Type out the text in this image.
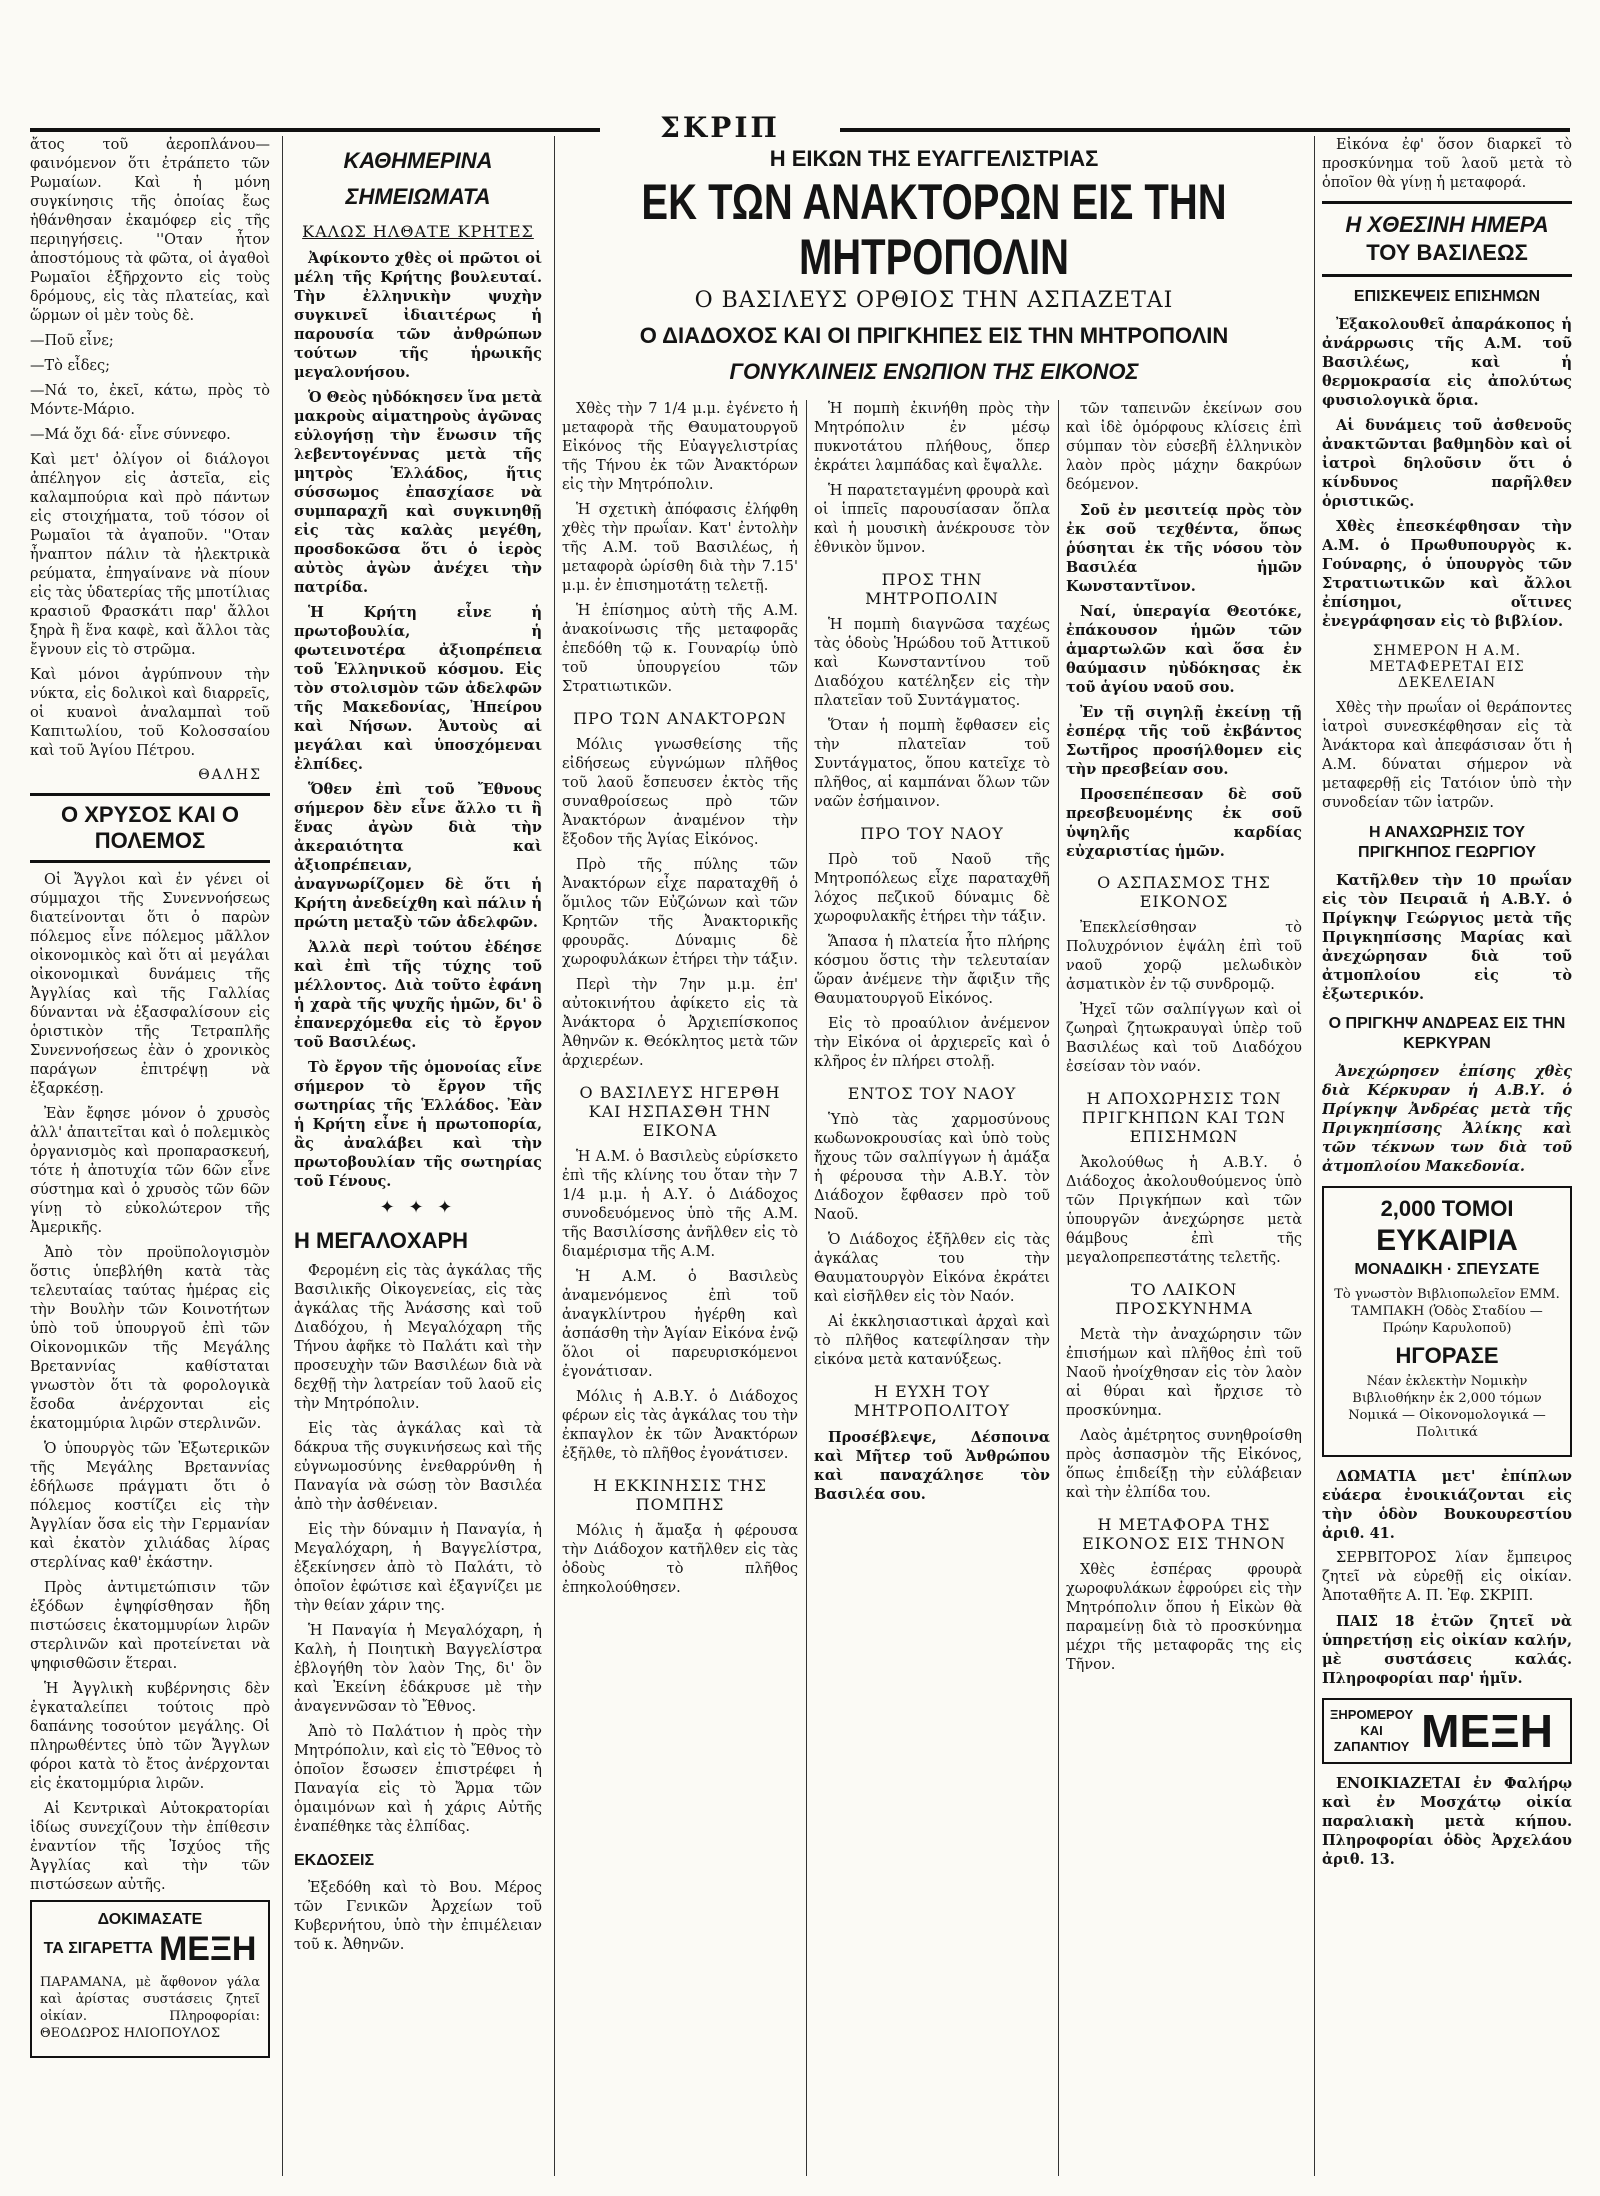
ΣΚΡΙΠ

ἄτος τοῦ ἀεροπλάνου—φαινόμενον ὅτι ἐτράπετο τῶν Ρωμαίων. Καὶ ἡ μόνη συγκίνησις τῆς ὁποίας ἔως ἠθάνθησαν ἐκαμόφερ εἰς τῆς περιηγήσεις. ''Οταν ἦτον ἀποστόμους τὰ φῶτα, οἱ ἀγαθοὶ Ρωμαῖοι ἐξῆρχοντο εἰς τοὺς δρόμους, εἰς τὰς πλατείας, καὶ ὥρμων οἱ μὲν τοὺς δὲ.

—Ποῦ εἶνε;

—Τὸ εἶδες;

—Νά το, ἐκεῖ, κάτω, πρὸς τὸ Μόντε-Μάριο.

—Μά ὄχι δά· εἶνε σύννεφο.

Καὶ μετ' ὀλίγον οἱ διάλογοι ἀπέληγον εἰς ἀστεῖα, εἰς καλαμπούρια καὶ πρὸ πάντων εἰς στοιχήματα, τοῦ τόσον οἱ Ρωμαῖοι τὰ ἀγαποῦν. ''Οταν ἦναπτον πάλιν τὰ ἠλεκτρικὰ ρεύματα, ἐπηγαίνανε νὰ πίουν εἰς τὰς ὑδατερίας τῆς μποτίλιας κρασιοῦ Φρασκάτι παρ' ἄλλοι ξηρὰ ἢ ἕνα καφὲ, καὶ ἄλλοι τὰς ἔγνουν εἰς τὸ στρῶμα.

Καὶ μόνοι ἀγρύπνουν τὴν νύκτα, εἰς δολικοὶ καὶ διαρρεῖς, οἱ κυανοὶ ἀναλαμπαὶ τοῦ Καπιτωλίου, τοῦ Κολοσσαίου καὶ τοῦ Ἁγίου Πέτρου.

ΘΑΛΗΣ
Ο ΧΡΥΣΟΣ ΚΑΙ Ο ΠΟΛΕΜΟΣ

Οἱ Ἄγγλοι καὶ ἐν γένει οἱ σύμμαχοι τῆς Συνεννοήσεως διατείνονται ὅτι ὁ παρὼν πόλεμος εἶνε πόλεμος μᾶλλον οἰκονομικὸς καὶ ὅτι αἱ μεγάλαι οἰκονομικαὶ δυνάμεις τῆς Ἀγγλίας καὶ τῆς Γαλλίας δύνανται νὰ ἐξασφαλίσουν εἰς ὁριστικὸν τῆς Τετραπλῆς Συνεννοήσεως ἐὰν ὁ χρονικὸς παράγων ἐπιτρέψῃ νὰ ἐξαρκέσῃ.

Ἐὰν ἔφησε μόνον ὁ χρυσὸς ἀλλ' ἀπαιτεῖται καὶ ὁ πολεμικὸς ὀργανισμὸς καὶ προπαρασκευή, τότε ἡ ἀποτυχία τῶν 6ῶν εἶνε σύστημα καὶ ὁ χρυσὸς τῶν 6ῶν γίνῃ τὸ εὐκολώτερον τῆς Ἀμερικῆς.

Ἀπὸ τὸν προϋπολογισμὸν ὅστις ὑπεβλήθη κατὰ τὰς τελευταίας ταύτας ἡμέρας εἰς τὴν Βουλὴν τῶν Κοινοτήτων ὑπὸ τοῦ ὑπουργοῦ ἐπὶ τῶν Οἰκονομικῶν τῆς Μεγάλης Βρεταννίας καθίσταται γνωστὸν ὅτι τὰ φορολογικὰ ἔσοδα ἀνέρχονται εἰς ἑκατομμύρια λιρῶν στερλινῶν.

Ὁ ὑπουργὸς τῶν Ἐξωτερικῶν τῆς Μεγάλης Βρεταννίας ἐδήλωσε πράγματι ὅτι ὁ πόλεμος κοστίζει εἰς τὴν Ἀγγλίαν ὅσα εἰς τὴν Γερμανίαν καὶ ἐκατὸν χιλιάδας λίρας στερλίνας καθ' ἑκάστην.

Πρὸς ἀντιμετώπισιν τῶν ἐξόδων ἐψηφίσθησαν ἤδη πιστώσεις ἑκατομμυρίων λιρῶν στερλινῶν καὶ προτείνεται νὰ ψηφισθῶσιν ἕτεραι.

Ἡ Ἀγγλικὴ κυβέρνησις δὲν ἐγκαταλείπει τούτοις πρὸ δαπάνης τοσούτον μεγάλης. Οἱ πληρωθέντες ὑπὸ τῶν Ἄγγλων φόροι κατὰ τὸ ἔτος ἀνέρχονται εἰς ἑκατομμύρια λιρῶν.

Αἱ Κεντρικαὶ Αὐτοκρατορίαι ἰδίως συνεχίζουν τὴν ἐπίθεσιν ἐναντίον τῆς Ἰσχύος τῆς Ἀγγλίας καὶ τὴν τῶν πιστώσεων αὐτῆς.

ΔΟΚΙΜΑΣΑΤΕ
ΤΑ ΣΙΓΑΡΕΤΤΑ ΜΕΞΗ

ΠΑΡΑΜΑΝΑ, μὲ ἄφθονον γάλα καὶ ἀρίστας συστάσεις ζητεῖ οἰκίαν. Πληροφορίαι: ΘΕΟΔΩΡΟΣ ΗΛΙΟΠΟΥΛΟΣ

ΚΑΘΗΜΕΡΙΝΑ
ΣΗΜΕΙΩΜΑΤΑ
ΚΑΛΩΣ ΗΛΘΑΤΕ ΚΡΗΤΕΣ

Ἀφίκοντο χθὲς οἱ πρῶτοι οἱ μέλη τῆς Κρήτης βουλευταί. Τὴν ἐλληνικὴν ψυχὴν συγκινεῖ ἰδιαιτέρως ἡ παρουσία τῶν ἀνθρώπων τούτων τῆς ἡρωικῆς μεγαλονήσου.

Ὁ Θεὸς ηὐδόκησεν ἵνα μετὰ μακροὺς αἱματηροὺς ἀγῶνας εὐλογήσῃ τὴν ἕνωσιν τῆς λεβεντογέννας μετὰ τῆς μητρὸς Ἑλλάδος, ἥτις σύσσωμος ἐπασχίασε νὰ συμπαραχῆ καὶ συγκινηθῇ εἰς τὰς καλὰς μεγέθη, προσδοκῶσα ὅτι ὁ ἱερὸς αὐτὸς ἀγὼν ἀνέχει τὴν πατρίδα.

Ἡ Κρήτη εἶνε ἡ πρωτοβουλία, ἡ φωτεινοτέρα ἀξιοπρέπεια τοῦ Ἑλληνικοῦ κόσμου. Εἰς τὸν στολισμὸν τῶν ἀδελφῶν τῆς Μακεδονίας, Ἠπείρου καὶ Νήσων. Ἀυτοὺς αἱ μεγάλαι καὶ ὑποσχόμεναι ἐλπίδες.

Ὅθεν ἐπὶ τοῦ Ἔθνους σήμερον δὲν εἶνε ἄλλο τι ἢ ἕνας ἀγὼν διὰ τὴν ἀκεραιότητα καὶ ἀξιοπρέπειαν, ἀναγνωρίζομεν δὲ ὅτι ἡ Κρήτη ἀνεδείχθη καὶ πάλιν ἡ πρώτη μεταξὺ τῶν ἀδελφῶν.

Ἀλλὰ περὶ τούτου ἐδέησε καὶ ἐπὶ τῆς τύχης τοῦ μέλλοντος. Διὰ τοῦτο ἐφάνη ἡ χαρὰ τῆς ψυχῆς ἡμῶν, δι' ὃ ἐπανερχόμεθα εἰς τὸ ἔργον τοῦ Βασιλέως.

Τὸ ἔργον τῆς ὁμονοίας εἶνε σήμερον τὸ ἔργον τῆς σωτηρίας τῆς Ἑλλάδος. Ἐὰν ἡ Κρήτη εἶνε ἡ πρωτοπορία, ἂς ἀναλάβει καὶ τὴν πρωτοβουλίαν τῆς σωτηρίας τοῦ Γένους.

✦ ✦ ✦
Η ΜΕΓΑΛΟΧΑΡΗ

Φερομένη εἰς τὰς ἀγκάλας τῆς Βασιλικῆς Οἰκογενείας, εἰς τὰς ἀγκάλας τῆς Ἀνάσσης καὶ τοῦ Διαδόχου, ἡ Μεγαλόχαρη τῆς Τήνου ἀφῆκε τὸ Παλάτι καὶ τὴν προσευχὴν τῶν Βασιλέων διὰ νὰ δεχθῇ τὴν λατρείαν τοῦ λαοῦ εἰς τὴν Μητρόπολιν.

Εἰς τὰς ἀγκάλας καὶ τὰ δάκρυα τῆς συγκινήσεως καὶ τῆς εὐγνωμοσύνης ἐνεθαρρύνθη ἡ Παναγία νὰ σώσῃ τὸν Βασιλέα ἀπὸ τὴν ἀσθένειαν.

Εἰς τὴν δύναμιν ἡ Παναγία, ἡ Μεγαλόχαρη, ἡ Βαγγελίστρα, ἐξεκίνησεν ἀπὸ τὸ Παλάτι, τὸ ὁποῖον ἐφώτισε καὶ ἐξαγνίζει με τὴν θείαν χάριν της.

Ἡ Παναγία ἡ Μεγαλόχαρη, ἡ Καλὴ, ἡ Ποιητικὴ Βαγγελίστρα ἐβλογήθη τὸν λαὸν Της, δι' ὃν καὶ Ἐκείνη ἐδάκρυσε μὲ τὴν ἀναγεννῶσαν τὸ Ἔθνος.

Ἀπὸ τὸ Παλάτιον ἡ πρὸς τὴν Μητρόπολιν, καὶ εἰς τὸ Ἔθνος τὸ ὁποῖον ἔσωσεν ἐπιστρέφει ἡ Παναγία εἰς τὸ Ἄρμα τῶν ὁμαιμόνων καὶ ἡ χάρις Αὐτῆς ἐναπέθηκε τὰς ἐλπίδας.

ΕΚΔΟΣΕΙΣ

Ἐξεδόθη καὶ τὸ Βου. Μέρος τῶν Γενικῶν Ἀρχείων τοῦ Κυβερνήτου, ὑπὸ τὴν ἐπιμέλειαν τοῦ κ. Ἀθηνῶν.

Η ΕΙΚΩΝ ΤΗΣ ΕΥΑΓΓΕΛΙΣΤΡΙΑΣ
ΕΚ ΤΩΝ ΑΝΑΚΤΟΡΩΝ ΕΙΣ ΤΗΝ ΜΗΤΡΟΠΟΛΙΝ
Ο ΒΑΣΙΛΕΥΣ ΟΡΘΙΟΣ ΤΗΝ ΑΣΠΑΖΕΤΑΙ
Ο ΔΙΑΔΟΧΟΣ ΚΑΙ ΟΙ ΠΡΙΓΚΗΠΕΣ ΕΙΣ ΤΗΝ ΜΗΤΡΟΠΟΛΙΝ
ΓΟΝΥΚΛΙΝΕΙΣ ΕΝΩΠΙΟΝ ΤΗΣ ΕΙΚΟΝΟΣ

Χθὲς τὴν 7 1/4 μ.μ. ἐγένετο ἡ μεταφορὰ τῆς Θαυματουργοῦ Εἰκόνος τῆς Εὐαγγελιστρίας τῆς Τήνου ἐκ τῶν Ἀνακτόρων εἰς τὴν Μητρόπολιν.

Ἡ σχετικὴ ἀπόφασις ἐλήφθη χθὲς τὴν πρωΐαν. Κατ' ἐντολὴν τῆς Α.Μ. τοῦ Βασιλέως, ἡ μεταφορὰ ὡρίσθη διὰ τὴν 7.15' μ.μ. ἐν ἐπισημοτάτῃ τελετῇ.

Ἡ ἐπίσημος αὐτὴ τῆς Α.Μ. ἀνακοίνωσις τῆς μεταφορᾶς ἐπεδόθη τῷ κ. Γουναρίῳ ὑπὸ τοῦ ὑπουργείου τῶν Στρατιωτικῶν.

ΠΡΟ ΤΩΝ ΑΝΑΚΤΟΡΩΝ

Μόλις γνωσθείσης τῆς εἰδήσεως εὐγνώμων πλῆθος τοῦ λαοῦ ἔσπευσεν ἐκτὸς τῆς συναθροίσεως πρὸ τῶν Ἀνακτόρων ἀναμένον τὴν ἔξοδον τῆς Ἁγίας Εἰκόνος.

Πρὸ τῆς πύλης τῶν Ἀνακτόρων εἶχε παραταχθῆ ὁ ὅμιλος τῶν Εὐζώνων καὶ τῶν Κρητῶν τῆς Ἀνακτορικῆς φρουρᾶς. Δύναμις δὲ χωροφυλάκων ἐτήρει τὴν τάξιν.

Περὶ τὴν 7ην μ.μ. ἐπ' αὐτοκινήτου ἀφίκετο εἰς τὰ Ἀνάκτορα ὁ Ἀρχιεπίσκοπος Ἀθηνῶν κ. Θεόκλητος μετὰ τῶν ἀρχιερέων.

Ο ΒΑΣΙΛΕΥΣ ΗΓΕΡΘΗ ΚΑΙ ΗΣΠΑΣΘΗ ΤΗΝ ΕΙΚΟΝΑ

Ἡ Α.Μ. ὁ Βασιλεὺς εὑρίσκετο ἐπὶ τῆς κλίνης του ὅταν τὴν 7 1/4 μ.μ. ἡ Α.Υ. ὁ Διάδοχος συνοδευόμενος ὑπὸ τῆς Α.Μ. τῆς Βασιλίσσης ἀνῆλθεν εἰς τὸ διαμέρισμα τῆς Α.Μ.

Ἡ Α.Μ. ὁ Βασιλεὺς ἀναμενόμενος ἐπὶ τοῦ ἀναγκλίντρου ἠγέρθη καὶ ἀσπάσθη τὴν Ἁγίαν Εἰκόνα ἐνῷ ὅλοι οἱ παρευρισκόμενοι ἐγονάτισαν.

Μόλις ἡ Α.Β.Υ. ὁ Διάδοχος φέρων εἰς τὰς ἀγκάλας του τὴν ἐκπαγλον ἐκ τῶν Ἀνακτόρων ἐξῆλθε, τὸ πλῆθος ἐγονάτισεν.

Η ΕΚΚΙΝΗΣΙΣ ΤΗΣ ΠΟΜΠΗΣ

Μόλις ἡ ἄμαξα ἡ φέρουσα τὴν Διάδοχον κατῆλθεν εἰς τὰς ὁδοὺς τὸ πλῆθος ἐπηκολούθησεν.

Ἡ πομπὴ ἐκινήθη πρὸς τὴν Μητρόπολιν ἐν μέσῳ πυκνοτάτου πλήθους, ὅπερ ἐκράτει λαμπάδας καὶ ἔψαλλε.

Ἡ παρατεταγμένη φρουρὰ καὶ οἱ ἱππεῖς παρουσίασαν ὅπλα καὶ ἡ μουσικὴ ἀνέκρουσε τὸν ἐθνικὸν ὕμνον.

ΠΡΟΣ ΤΗΝ ΜΗΤΡΟΠΟΛΙΝ

Ἡ πομπὴ διαγνῶσα ταχέως τὰς ὁδοὺς Ἡρώδου τοῦ Ἀττικοῦ καὶ Κωνσταντίνου τοῦ Διαδόχου κατέληξεν εἰς τὴν πλατεῖαν τοῦ Συντάγματος.

Ὅταν ἡ πομπὴ ἔφθασεν εἰς τὴν πλατεῖαν τοῦ Συντάγματος, ὅπου κατεῖχε τὸ πλῆθος, αἱ καμπάναι ὅλων τῶν ναῶν ἐσήμαινον.

ΠΡΟ ΤΟΥ ΝΑΟΥ

Πρὸ τοῦ Ναοῦ τῆς Μητροπόλεως εἶχε παραταχθῆ λόχος πεζικοῦ δύναμις δὲ χωροφυλακῆς ἐτήρει τὴν τάξιν.

Ἅπασα ἡ πλατεία ἦτο πλήρης κόσμου ὅστις τὴν τελευταίαν ὥραν ἀνέμενε τὴν ἄφιξιν τῆς Θαυματουργοῦ Εἰκόνος.

Εἰς τὸ προαύλιον ἀνέμενον τὴν Εἰκόνα οἱ ἀρχιερεῖς καὶ ὁ κλῆρος ἐν πλήρει στολῇ.

ΕΝΤΟΣ ΤΟΥ ΝΑΟΥ

Ὑπὸ τὰς χαρμοσύνους κωδωνοκρουσίας καὶ ὑπὸ τοὺς ἤχους τῶν σαλπίγγων ἡ ἁμάξα ἡ φέρουσα τὴν Α.Β.Υ. τὸν Διάδοχον ἔφθασεν πρὸ τοῦ Ναοῦ.

Ὁ Διάδοχος ἐξῆλθεν εἰς τὰς ἀγκάλας του τὴν Θαυματουργὸν Εἰκόνα ἐκράτει καὶ εἰσῆλθεν εἰς τὸν Ναόν.

Αἱ ἐκκλησιαστικαὶ ἀρχαὶ καὶ τὸ πλῆθος κατεφίλησαν τὴν εἰκόνα μετὰ κατανύξεως.

Η ΕΥΧΗ ΤΟΥ ΜΗΤΡΟΠΟΛΙΤΟΥ

Προσέβλεψε, Δέσποινα καὶ Μῆτερ τοῦ Ἀνθρώπου καὶ παναχάλησε τὸν Βασιλέα σου.

τῶν ταπεινῶν ἐκείνων σου καὶ ἰδὲ ὁμόρφους κλίσεις ἐπὶ σύμπαν τὸν εὐσεβῆ ἑλληνικὸν λαὸν πρὸς μάχην δακρύων δεόμενον.

Σοῦ ἐν μεσιτείᾳ πρὸς τὸν ἐκ σοῦ τεχθέντα, ὅπως ῥύσηται ἐκ τῆς νόσου τὸν Βασιλέα ἡμῶν Κωνσταντῖνον.

Ναί, ὑπεραγία Θεοτόκε, ἐπάκουσον ἡμῶν τῶν ἁμαρτωλῶν καὶ ὅσα ἐν θαύμασιν ηὐδόκησας ἐκ τοῦ ἁγίου ναοῦ σου.

Ἐν τῇ σιγηλῇ ἐκείνῃ τῇ ἐσπέρᾳ τῆς τοῦ ἐκβάντος Σωτῆρος προσήλθομεν εἰς τὴν πρεσβείαν σου.

Προσεπέπεσαν δὲ σοῦ πρεσβευομένης ἐκ σοῦ ὑψηλῆς καρδίας εὐχαριστίας ἡμῶν.

Ο ΑΣΠΑΣΜΟΣ ΤΗΣ ΕΙΚΟΝΟΣ

Ἐπεκλείσθησαν τὸ Πολυχρόνιον ἐψάλη ἐπὶ τοῦ ναοῦ χορῷ μελωδικὸν ἀσματικὸν ἐν τῷ συνδρομῷ.

Ἠχεῖ τῶν σαλπίγγων καὶ οἱ ζωηραὶ ζητωκραυγαὶ ὑπὲρ τοῦ Βασιλέως καὶ τοῦ Διαδόχου ἐσείσαν τὸν ναόν.

Η ΑΠΟΧΩΡΗΣΙΣ ΤΩΝ ΠΡΙΓΚΗΠΩΝ ΚΑΙ ΤΩΝ ΕΠΙΣΗΜΩΝ

Ἀκολούθως ἡ Α.Β.Υ. ὁ Διάδοχος ἀκολουθούμενος ὑπὸ τῶν Πριγκήπων καὶ τῶν ὑπουργῶν ἀνεχώρησε μετὰ θάμβους ἐπὶ τῆς μεγαλοπρεπεστάτης τελετῆς.

ΤΟ ΛΑΙΚΟΝ ΠΡΟΣΚΥΝΗΜΑ

Μετὰ τὴν ἀναχώρησιν τῶν ἐπισήμων καὶ πλῆθος ἐπὶ τοῦ Ναοῦ ἠνοίχθησαν εἰς τὸν λαὸν αἱ θύραι καὶ ἤρχισε τὸ προσκύνημα.

Λαὸς ἀμέτρητος συνηθροίσθη πρὸς ἀσπασμὸν τῆς Εἰκόνος, ὅπως ἐπιδείξῃ τὴν εὐλάβειαν καὶ τὴν ἐλπίδα του.

Η ΜΕΤΑΦΟΡΑ ΤΗΣ ΕΙΚΟΝΟΣ ΕΙΣ ΤΗΝΟΝ

Χθὲς ἐσπέρας φρουρὰ χωροφυλάκων ἐφρούρει εἰς τὴν Μητρόπολιν ὅπου ἡ Εἰκὼν θὰ παραμείνῃ διὰ τὸ προσκύνημα μέχρι τῆς μεταφορᾶς της εἰς Τῆνον.

Εἰκόνα ἐφ' ὅσον διαρκεῖ τὸ προσκύνημα τοῦ λαοῦ μετὰ τὸ ὁποῖον θὰ γίνῃ ἡ μεταφορά.

Η ΧΘΕΣΙΝΗ ΗΜΕΡΑ
ΤΟΥ ΒΑΣΙΛΕΩΣ
ΕΠΙΣΚΕΨΕΙΣ ΕΠΙΣΗΜΩΝ

Ἐξακολουθεῖ ἀπαράκοπος ἡ ἀνάρρωσις τῆς Α.Μ. τοῦ Βασιλέως, καὶ ἡ θερμοκρασία εἰς ἀπολύτως φυσιολογικὰ ὅρια.

Αἱ δυνάμεις τοῦ ἀσθενοῦς ἀνακτῶνται βαθμηδὸν καὶ οἱ ἰατροὶ δηλοῦσιν ὅτι ὁ κίνδυνος παρῆλθεν ὁριστικῶς.

Χθὲς ἐπεσκέφθησαν τὴν Α.Μ. ὁ Πρωθυπουργὸς κ. Γούναρης, ὁ ὑπουργὸς τῶν Στρατιωτικῶν καὶ ἄλλοι ἐπίσημοι, οἵτινες ἐνεγράφησαν εἰς τὸ βιβλίον.

ΣΗΜΕΡΟΝ Η Α.Μ. ΜΕΤΑΦΕΡΕΤΑΙ ΕΙΣ ΔΕΚΕΛΕΙΑΝ

Χθὲς τὴν πρωΐαν οἱ θεράποντες ἰατροὶ συνεσκέφθησαν εἰς τὰ Ἀνάκτορα καὶ ἀπεφάσισαν ὅτι ἡ Α.Μ. δύναται σήμερον νὰ μεταφερθῇ εἰς Τατόιον ὑπὸ τὴν συνοδείαν τῶν ἰατρῶν.

Η ΑΝΑΧΩΡΗΣΙΣ ΤΟΥ ΠΡΙΓΚΗΠΟΣ ΓΕΩΡΓΙΟΥ

Κατῆλθεν τὴν 10 πρωΐαν εἰς τὸν Πειραιᾶ ἡ Α.Β.Υ. ὁ Πρίγκηψ Γεώργιος μετὰ τῆς Πριγκηπίσσης Μαρίας καὶ ἀνεχώρησαν διὰ τοῦ ἀτμοπλοίου εἰς τὸ ἐξωτερικόν.

Ο ΠΡΙΓΚΗΨ ΑΝΔΡΕΑΣ ΕΙΣ ΤΗΝ ΚΕΡΚΥΡΑΝ

Ἀνεχώρησεν ἐπίσης χθὲς διὰ Κέρκυραν ἡ Α.Β.Υ. ὁ Πρίγκηψ Ἀνδρέας μετὰ τῆς Πριγκηπίσσης Ἀλίκης καὶ τῶν τέκνων των διὰ τοῦ ἀτμοπλοίου Μακεδονία.

2,000 ΤΟΜΟΙ
ΕΥΚΑΙΡΙΑ
ΜΟΝΑΔΙΚΗ · ΣΠΕΥΣΑΤΕ

Τὸ γνωστὸν Βιβλιοπωλεῖον ΕΜΜ. ΤΑΜΠΑΚΗ (Ὁδὸς Σταδίου — Πρώην Καρυλοποῦ)

ΗΓΟΡΑΣΕ

Νέαν ἐκλεκτὴν Νομικὴν Βιβλιοθήκην ἐκ 2,000 τόμων Νομικά — Οἰκονομολογικά — Πολιτικά

ΔΩΜΑΤΙΑ μετ' ἐπίπλων εὐάερα ἐνοικιάζονται εἰς τὴν ὁδὸν Βουκουρεστίου ἀριθ. 41.

ΣΕΡΒΙΤΟΡΟΣ λίαν ἔμπειρος ζητεῖ νὰ εὑρεθῇ εἰς οἰκίαν. Ἀποταθῆτε Α. Π. Ἐφ. ΣΚΡΙΠ.

ΠΑΙΣ 18 ἐτῶν ζητεῖ νὰ ὑπηρετήσῃ εἰς οἰκίαν καλήν, μὲ συστάσεις καλάς. Πληροφορίαι παρ' ἡμῖν.

ΞΗΡΟΜΕΡΟΥ
ΚΑΙ
ΖΑΠΑΝΤΙΟΥ ΜΕΞΗ

ΕΝΟΙΚΙΑΖΕΤΑΙ ἐν Φαλήρῳ καὶ ἐν Μοσχάτῳ οἰκία παραλιακὴ μετὰ κήπου. Πληροφορίαι ὁδὸς Ἀρχελάου ἀριθ. 13.
